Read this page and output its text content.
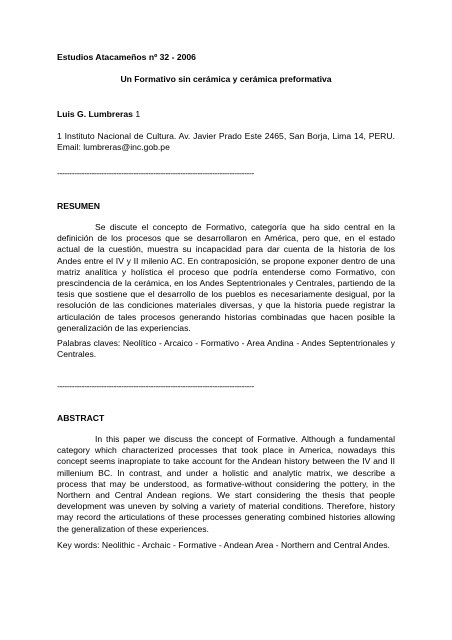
Estudios Atacameños nº 32 - 2006

Un Formativo sin cerámica y cerámica preformativa

Luis G. Lumbreras 1

1 Instituto Nacional de Cultura. Av. Javier Prado Este 2465, San Borja, Lima 14, PERU. Email: lumbreras@inc.gob.pe

--------------------------------------------------------------------------------

RESUMEN

Se discute el concepto de Formativo, categoría que ha sido central en la definición de los procesos que se desarrollaron en América, pero que, en el estado actual de la cuestión, muestra su incapacidad para dar cuenta de la historia de los Andes entre el IV y II milenio AC. En contraposición, se propone exponer dentro de una matriz analítica y holística el proceso que podría entenderse como Formativo, con prescindencia de la cerámica, en los Andes Septentrionales y Centrales, partiendo de la tesis que sostiene que el desarrollo de los pueblos es necesariamente desigual, por la resolución de las condiciones materiales diversas, y que la historia puede registrar la articulación de tales procesos generando historias combinadas que hacen posible la generalización de las experiencias.

Palabras claves: Neolítico - Arcaico - Formativo - Area Andina - Andes Septentrionales y Centrales.

--------------------------------------------------------------------------------

ABSTRACT

In this paper we discuss the concept of Formative. Although a fundamental category which characterized processes that took place in America, nowadays this concept seems inapropiate to take account for the Andean history between the IV and II millenium BC. In contrast, and under a holistic and analytic matrix, we describe a process that may be understood, as formative-without considering the pottery, in the Northern and Central Andean regions. We start considering the thesis that people development was uneven by solving a variety of material conditions. Therefore, history may record the articulations of these processes generating combined histories allowing the generalization of these experiences.

Key words: Neolithic - Archaic - Formative - Andean Area - Northern and Central Andes.
